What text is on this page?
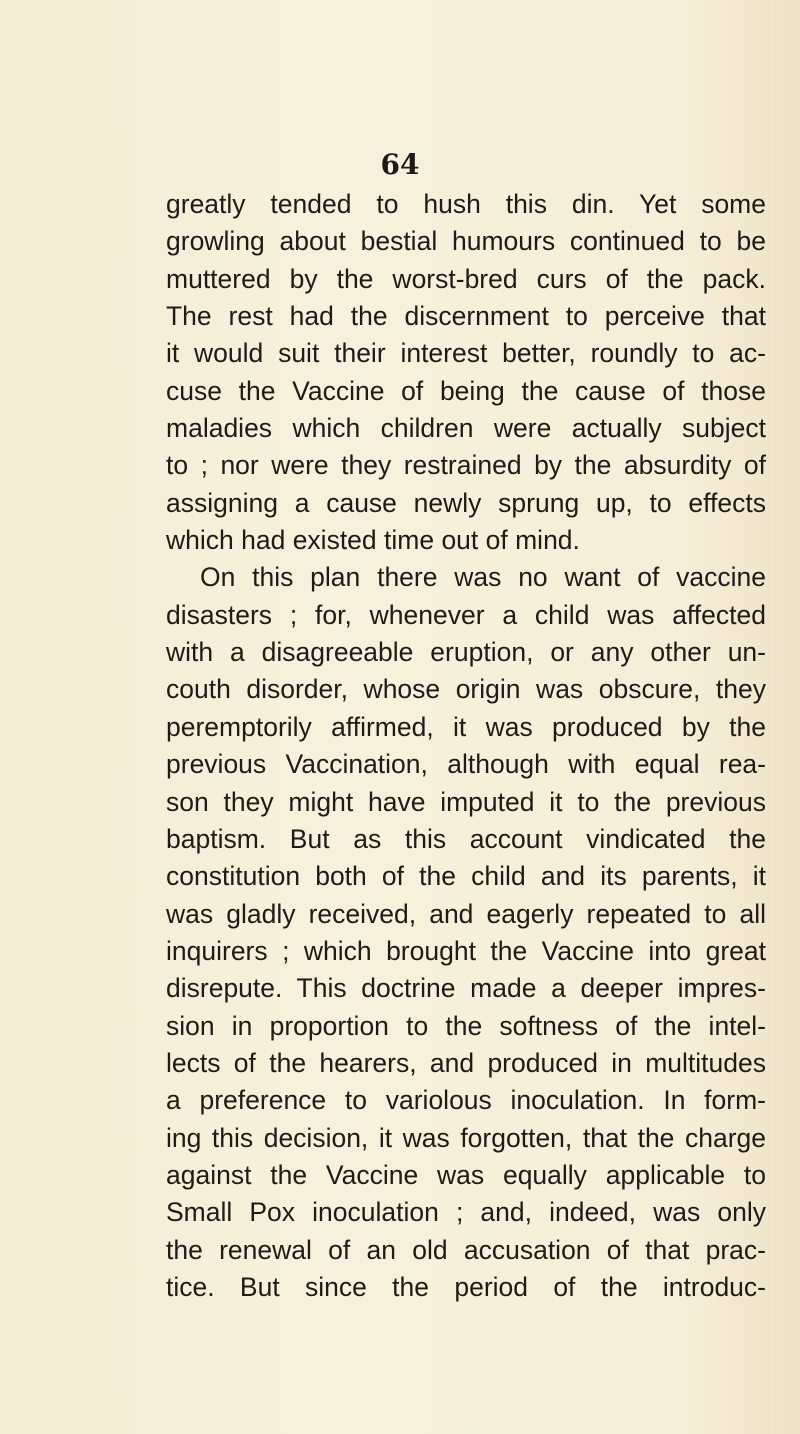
64
greatly tended to hush this din. Yet some
growling about bestial humours continued to be
muttered by the worst-bred curs of the pack.
The rest had the discernment to perceive that
it would suit their interest better, roundly to ac-
cuse the Vaccine of being the cause of those
maladies which children were actually subject
to ; nor were they restrained by the absurdity of
assigning a cause newly sprung up, to effects
which had existed time out of mind.
On this plan there was no want of vaccine
disasters ; for, whenever a child was affected
with a disagreeable eruption, or any other un-
couth disorder, whose origin was obscure, they
peremptorily affirmed, it was produced by the
previous Vaccination, although with equal rea-
son they might have imputed it to the previous
baptism. But as this account vindicated the
constitution both of the child and its parents, it
was gladly received, and eagerly repeated to all
inquirers ; which brought the Vaccine into great
disrepute. This doctrine made a deeper impres-
sion in proportion to the softness of the intel-
lects of the hearers, and produced in multitudes
a preference to variolous inoculation. In form-
ing this decision, it was forgotten, that the charge
against the Vaccine was equally applicable to
Small Pox inoculation ; and, indeed, was only
the renewal of an old accusation of that prac-
tice. But since the period of the introduc-
